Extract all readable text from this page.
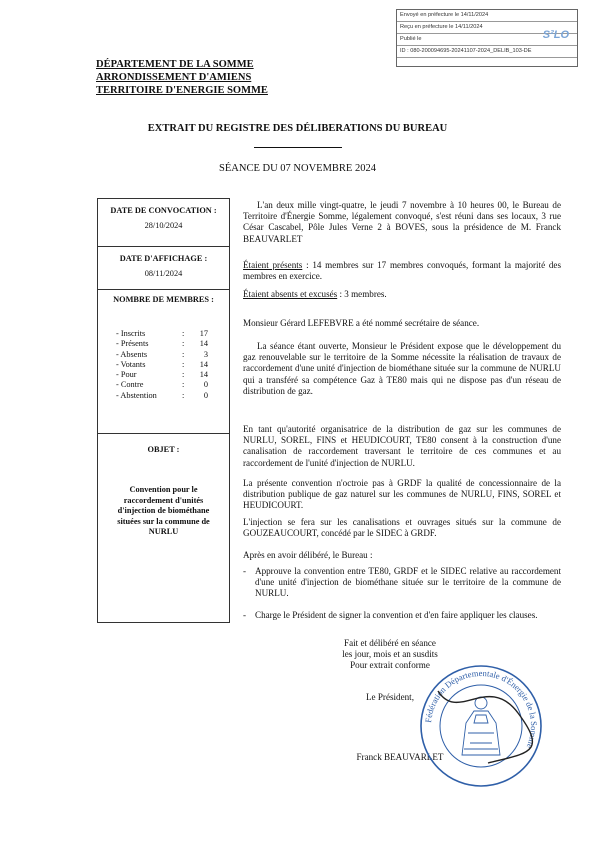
Envoyé en préfecture le 14/11/2024
Reçu en préfecture le 14/11/2024
Publié le
ID : 080-200094695-20241107-2024_DELIB_103-DE
S²LO
DÉPARTEMENT DE LA SOMME
ARRONDISSEMENT D'AMIENS
TERRITOIRE D'ENERGIE SOMME
EXTRAIT DU REGISTRE DES DÉLIBERATIONS DU BUREAU
SÉANCE DU 07 NOVEMBRE 2024
DATE DE CONVOCATION :
28/10/2024
DATE D'AFFICHAGE :
08/11/2024
NOMBRE DE MEMBRES :
- Inscrits	:	17
- Présents	:	14
- Absents	:	3
- Votants	:	14
- Pour	:	14
- Contre	:	0
- Abstention	:	0
OBJET :
Convention pour le raccordement d'unités d'injection de biométhane situées sur la commune de NURLU
L'an deux mille vingt-quatre, le jeudi 7 novembre à 10 heures 00, le Bureau de Territoire d'Énergie Somme, légalement convoqué, s'est réuni dans ses locaux, 3 rue César Cascabel, Pôle Jules Verne 2 à BOVES, sous la présidence de M. Franck BEAUVARLET
Étaient présents : 14 membres sur 17 membres convoqués, formant la majorité des membres en exercice.
Étaient absents et excusés : 3 membres.
Monsieur Gérard LEFEBVRE a été nommé secrétaire de séance.
La séance étant ouverte, Monsieur le Président expose que le développement du gaz renouvelable sur le territoire de la Somme nécessite la réalisation de travaux de raccordement d'une unité d'injection de biométhane située sur la commune de NURLU qui a transféré sa compétence Gaz à TE80 mais qui ne dispose pas d'un réseau de distribution de gaz.
En tant qu'autorité organisatrice de la distribution de gaz sur les communes de NURLU, SOREL, FINS et HEUDICOURT, TE80 consent à la construction d'une canalisation de raccordement traversant le territoire de ces communes et au raccordement de l'unité d'injection de NURLU.
La présente convention n'octroie pas à GRDF la qualité de concessionnaire de la distribution publique de gaz naturel sur les communes de NURLU, FINS, SOREL et HEUDICOURT.
L'injection se fera sur les canalisations et ouvrages situés sur la commune de GOUZEAUCOURT, concédé par le SIDEC à GRDF.
Après en avoir délibéré, le Bureau :
- Approuve la convention entre TE80, GRDF et le SIDEC relative au raccordement d'une unité d'injection de biométhane située sur le territoire de la commune de NURLU.
- Charge le Président de signer la convention et d'en faire appliquer les clauses.
Fait et délibéré en séance
les jour, mois et an susdits
Pour extrait conforme
Le Président,
Franck BEAUVARLET
Fédération Départementale d'Énergie de la Somme
